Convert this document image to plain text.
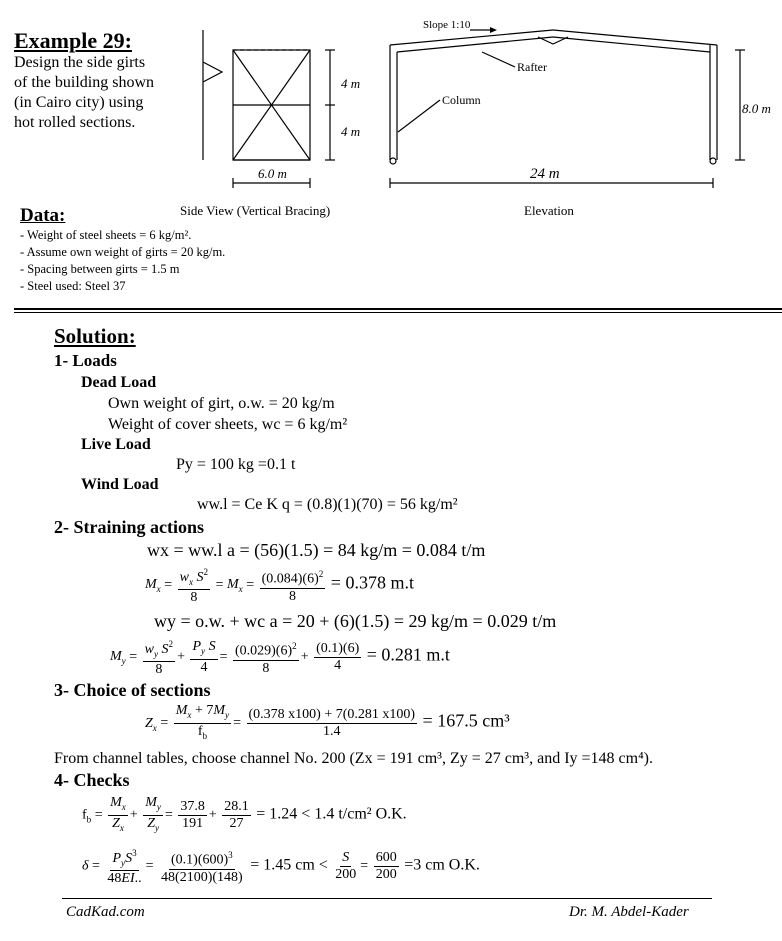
Example 29:
Design the side girts
of the building shown
(in Cairo city) using
hot rolled sections.
4 m
4 m
6.0 m
Side View (Vertical Bracing)
Slope 1:10
Rafter
Column
8.0 m
24 m
Elevation
Data:
- Weight of steel sheets = 6 kg/m².
- Assume own weight of girts = 20 kg/m.
- Spacing between girts = 1.5 m
- Steel used: Steel 37
Solution:
1- Loads
Dead Load
Own weight of girt, o.w. = 20 kg/m
Weight of cover sheets, wc = 6 kg/m²
Live Load
Py = 100 kg =0.1 t
Wind Load
ww.l = Ce K q = (0.8)(1)(70) = 56 kg/m²
2- Straining actions
wx = ww.l a = (56)(1.5) = 84 kg/m = 0.084 t/m
$M_x = \frac{w_x S^2}{8} = M_x = \frac{(0.084)(6)^2}{8} = 0.378$ m.t
wy = o.w. + wc a = 20 + (6)(1.5) = 29 kg/m = 0.029 t/m
$M_y = \frac{w_y S^2}{8} + \frac{P_y S}{4} = \frac{(0.029)(6)^2}{8} + \frac{(0.1)(6)}{4} = 0.281$ m.t
3- Choice of sections
$Z_x = \frac{M_x + 7M_y}{f_b} = \frac{(0.378 x100) + 7(0.281 x100)}{1.4} = 167.5$ cm³
From channel tables, choose channel No. 200 (Zx = 191 cm³, Zy = 27 cm³, and Iy =148 cm⁴).
4- Checks
$f_b = \frac{M_x}{Z_x} + \frac{M_y}{Z_y} = \frac{37.8}{191} + \frac{28.1}{27} = 1.24 < 1.4$ t/cm² O.K.
$\delta = \frac{P_yS^3}{48EI..} = \frac{(0.1)(600)^3}{48(2100)(148)} = 1.45$ cm < $\frac{S}{200} = \frac{600}{200} =3$ cm O.K.
CadKad.com	Dr. M. Abdel-Kader
